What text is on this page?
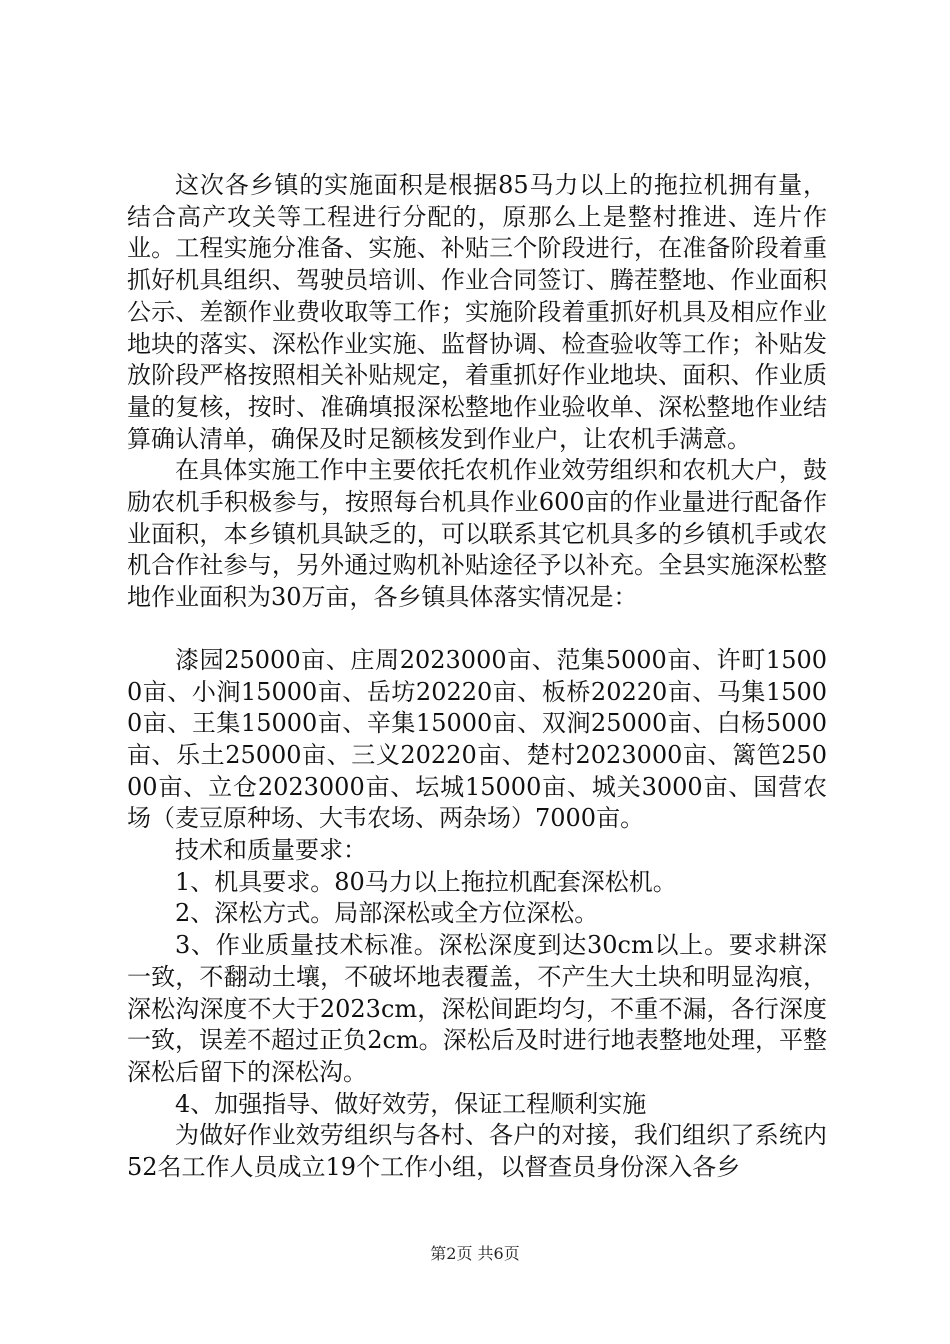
这次各乡镇的实施面积是根据85马力以上的拖拉机拥有量，结合高产攻关等工程进行分配的，原那么上是整村推进、连片作业。工程实施分准备、实施、补贴三个阶段进行，在准备阶段着重抓好机具组织、驾驶员培训、作业合同签订、腾茬整地、作业面积公示、差额作业费收取等工作；实施阶段着重抓好机具及相应作业地块的落实、深松作业实施、监督协调、检查验收等工作；补贴发放阶段严格按照相关补贴规定，着重抓好作业地块、面积、作业质量的复核，按时、准确填报深松整地作业验收单、深松整地作业结算确认清单，确保及时足额核发到作业户，让农机手满意。

在具体实施工作中主要依托农机作业效劳组织和农机大户，鼓励农机手积极参与，按照每台机具作业600亩的作业量进行配备作业面积，本乡镇机具缺乏的，可以联系其它机具多的乡镇机手或农机合作社参与，另外通过购机补贴途径予以补充。全县实施深松整地作业面积为30万亩，各乡镇具体落实情况是：

漆园25000亩、庄周2023000亩、范集5000亩、许町15000亩、小涧15000亩、岳坊20220亩、板桥20220亩、马集15000亩、王集15000亩、辛集15000亩、双涧25000亩、白杨5000亩、乐土25000亩、三义20220亩、楚村2023000亩、篱笆25000亩、立仓2023000亩、坛城15000亩、城关3000亩、国营农场（麦豆原种场、大韦农场、两杂场）7000亩。

技术和质量要求：

1、机具要求。80马力以上拖拉机配套深松机。

2、深松方式。局部深松或全方位深松。

3、作业质量技术标准。深松深度到达30cm以上。要求耕深一致，不翻动土壤，不破坏地表覆盖，不产生大土块和明显沟痕，深松沟深度不大于2023cm，深松间距均匀，不重不漏，各行深度一致，误差不超过正负2cm。深松后及时进行地表整地处理，平整深松后留下的深松沟。

4、加强指导、做好效劳，保证工程顺利实施

为做好作业效劳组织与各村、各户的对接，我们组织了系统内52名工作人员成立19个工作小组，以督查员身份深入各乡

第2页 共6页
